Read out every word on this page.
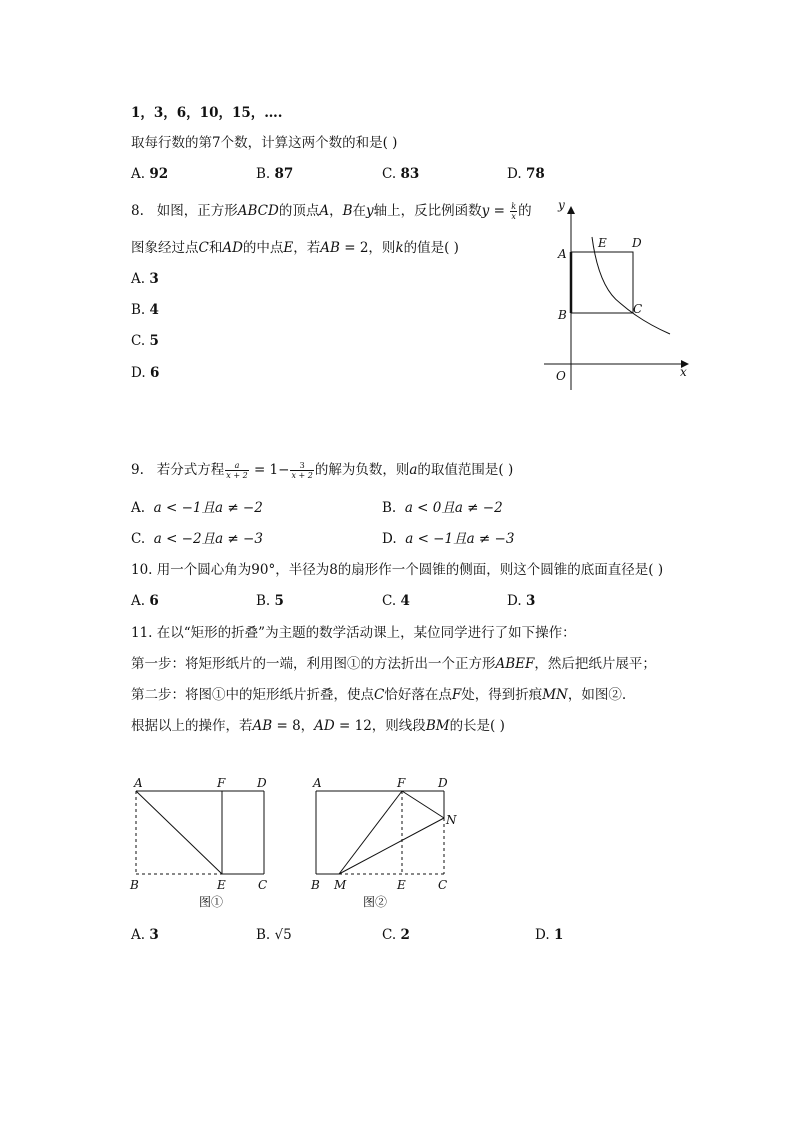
1，3，6，10，15，….
取每行数的第7个数，计算这两个数的和是( )
A. 92	B. 87	C. 83	D. 78
8. 如图，正方形ABCD的顶点A，B在y轴上，反比例函数$y = \frac{k}{x}$ 的
图象经过点C和AD的中点E，若AB = 2，则k的值是( )
A. 3
B. 4
C. 5
D. 6
y
x
O
A
B
E D
C
9. 若分式方程 $\frac{a}{x + 2} = 1- \frac{3}{x + 2}$ 的解为负数，则a的取值范围是( )
A. a < −1且a ≠ −2	B. a < 0且a ≠ −2
C. a < −2且a ≠ −3	D. a < −1且a ≠ −3
10. 用一个圆心角为90°，半径为8的扇形作一个圆锥的侧面，则这个圆锥的底面直径是( )
A. 6	B. 5	C. 4	D. 3
11. 在以“矩形的折叠”为主题的数学活动课上，某位同学进行了如下操作：
第一步：将矩形纸片的一端，利用图①的方法折出一个正方形ABEF，然后把纸片展平；
第二步：将图①中的矩形纸片折叠，使点C恰好落在点F处，得到折痕MN，如图②.
根据以上的操作，若AB = 8，AD = 12，则线段BM的长是( )
A	F	D
B	E	C
图①
A	F	D
N
B M	E	C
图②
A. 3	B. √5	C. 2	D. 1
